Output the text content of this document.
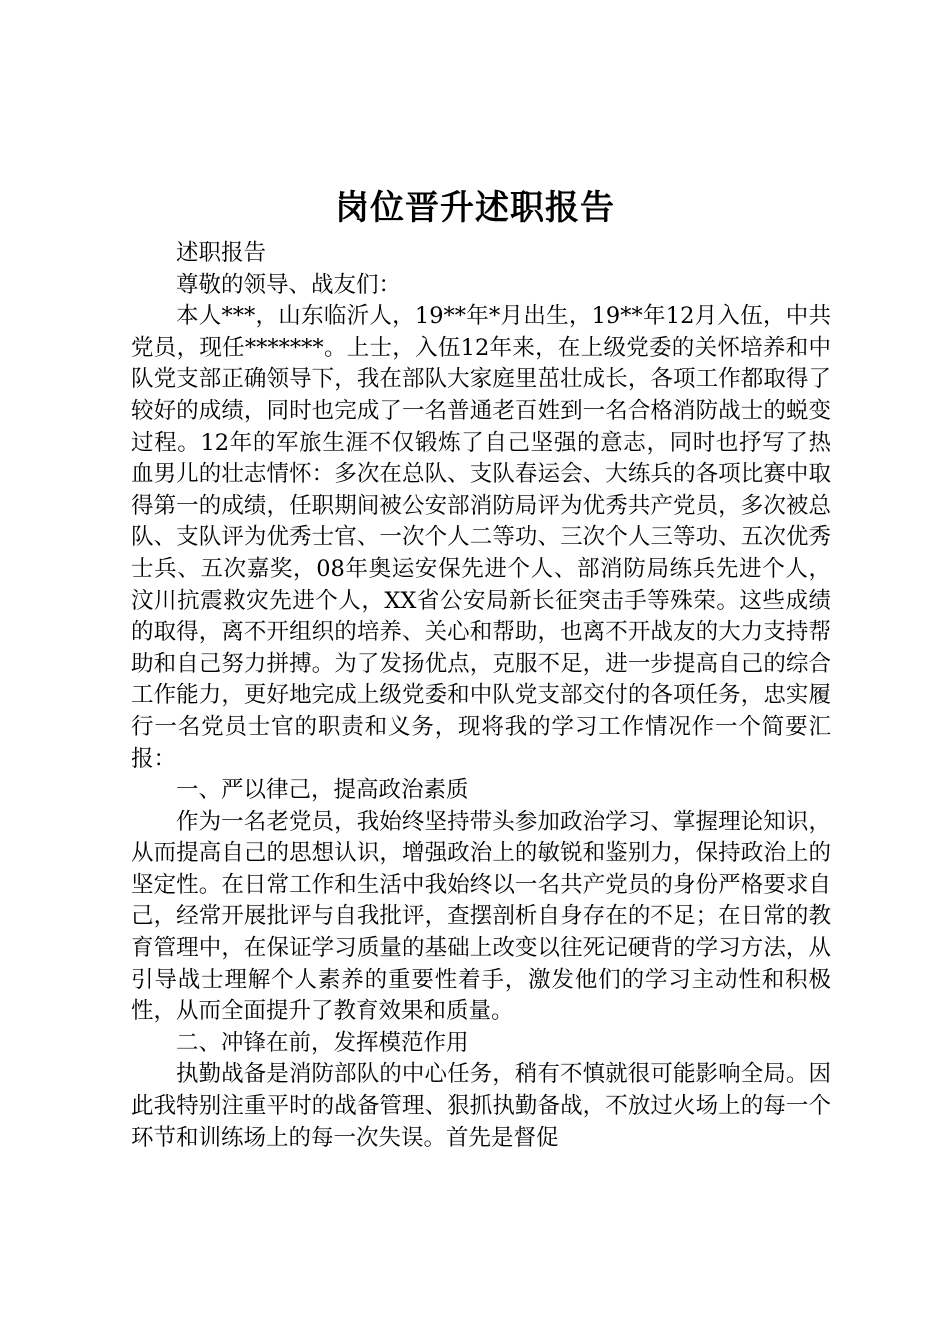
岗位晋升述职报告

述职报告

尊敬的领导、战友们：

本人***，山东临沂人，19**年*月出生，19**年12月入伍，中共党员，现任*******。上士，入伍12年来，在上级党委的关怀培养和中队党支部正确领导下，我在部队大家庭里茁壮成长，各项工作都取得了较好的成绩，同时也完成了一名普通老百姓到一名合格消防战士的蜕变过程。12年的军旅生涯不仅锻炼了自己坚强的意志，同时也抒写了热血男儿的壮志情怀：多次在总队、支队春运会、大练兵的各项比赛中取得第一的成绩，任职期间被公安部消防局评为优秀共产党员，多次被总队、支队评为优秀士官、一次个人二等功、三次个人三等功、五次优秀士兵、五次嘉奖，08年奥运安保先进个人、部消防局练兵先进个人，汶川抗震救灾先进个人，XX省公安局新长征突击手等殊荣。这些成绩的取得，离不开组织的培养、关心和帮助，也离不开战友的大力支持帮助和自己努力拼搏。为了发扬优点，克服不足，进一步提高自己的综合工作能力，更好地完成上级党委和中队党支部交付的各项任务，忠实履行一名党员士官的职责和义务，现将我的学习工作情况作一个简要汇报：

一、严以律己，提高政治素质

作为一名老党员，我始终坚持带头参加政治学习、掌握理论知识，从而提高自己的思想认识，增强政治上的敏锐和鉴别力，保持政治上的坚定性。在日常工作和生活中我始终以一名共产党员的身份严格要求自己，经常开展批评与自我批评，查摆剖析自身存在的不足；在日常的教育管理中，在保证学习质量的基础上改变以往死记硬背的学习方法，从引导战士理解个人素养的重要性着手，激发他们的学习主动性和积极性，从而全面提升了教育效果和质量。

二、冲锋在前，发挥模范作用

执勤战备是消防部队的中心任务，稍有不慎就很可能影响全局。因此我特别注重平时的战备管理、狠抓执勤备战，不放过火场上的每一个环节和训练场上的每一次失误。首先是督促
